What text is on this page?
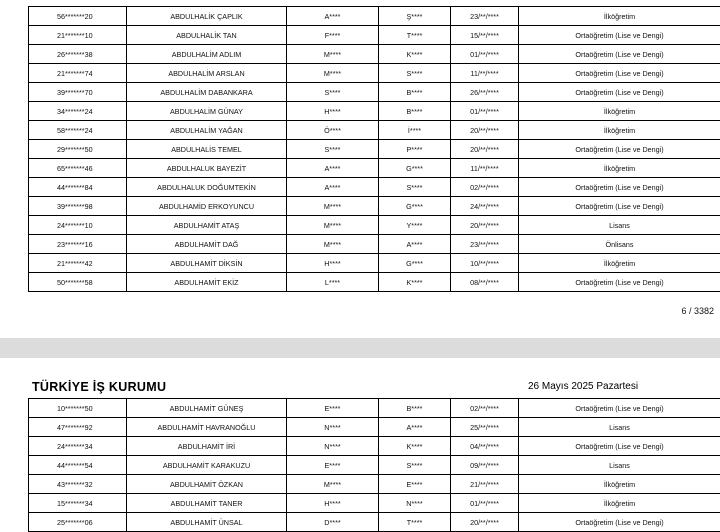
56*******20	ABDULHALİK ÇAPLIK	A****	Ş****	23/**/****	İlköğretim
21*******10	ABDULHALİK TAN	F****	T****	15/**/****	Ortaöğretim (Lise ve Dengi)
26*******38	ABDULHALİM ADLIM	M****	K****	01/**/****	Ortaöğretim (Lise ve Dengi)
21*******74	ABDULHALİM ARSLAN	M****	S****	11/**/****	Ortaöğretim (Lise ve Dengi)
39*******70	ABDULHALİM DABANKARA	S****	B****	26/**/****	Ortaöğretim (Lise ve Dengi)
34*******24	ABDULHALİM GÜNAY	H****	B****	01/**/****	İlköğretim
58*******24	ABDULHALİM YAĞAN	Ö****	İ****	20/**/****	İlköğretim
29*******50	ABDULHALİS TEMEL	S****	P****	20/**/****	Ortaöğretim (Lise ve Dengi)
65*******46	ABDULHALUK BAYEZİT	A****	G****	11/**/****	İlköğretim
44*******84	ABDULHALUK DOĞUMTEKİN	A****	S****	02/**/****	Ortaöğretim (Lise ve Dengi)
39*******98	ABDULHAMİD ERKOYUNCU	M****	G****	24/**/****	Ortaöğretim (Lise ve Dengi)
24*******10	ABDULHAMİT ATAŞ	M****	Y****	20/**/****	Lisans
23*******16	ABDULHAMİT DAĞ	M****	A****	23/**/****	Önlisans
21*******42	ABDULHAMİT DİKSİN	H****	G****	10/**/****	İlköğretim
50*******58	ABDULHAMİT EKİZ	L****	K****	08/**/****	Ortaöğretim (Lise ve Dengi)
6 / 3382
TÜRKİYE İŞ KURUMU	26 Mayıs 2025 Pazartesi
10*******50	ABDULHAMİT GÜNEŞ	E****	B****	02/**/****	Ortaöğretim (Lise ve Dengi)
47*******92	ABDULHAMİT HAVRANOĞLU	N****	A****	25/**/****	Lisans
24*******34	ABDULHAMİT İRİ	N****	K****	04/**/****	Ortaöğretim (Lise ve Dengi)
44*******54	ABDULHAMİT KARAKUZU	E****	S****	09/**/****	Lisans
43*******32	ABDULHAMİT ÖZKAN	M****	E****	21/**/****	İlköğretim
15*******34	ABDULHAMİT TANER	H****	N****	01/**/****	İlköğretim
25*******06	ABDULHAMİT ÜNSAL	D****	T****	20/**/****	Ortaöğretim (Lise ve Dengi)
